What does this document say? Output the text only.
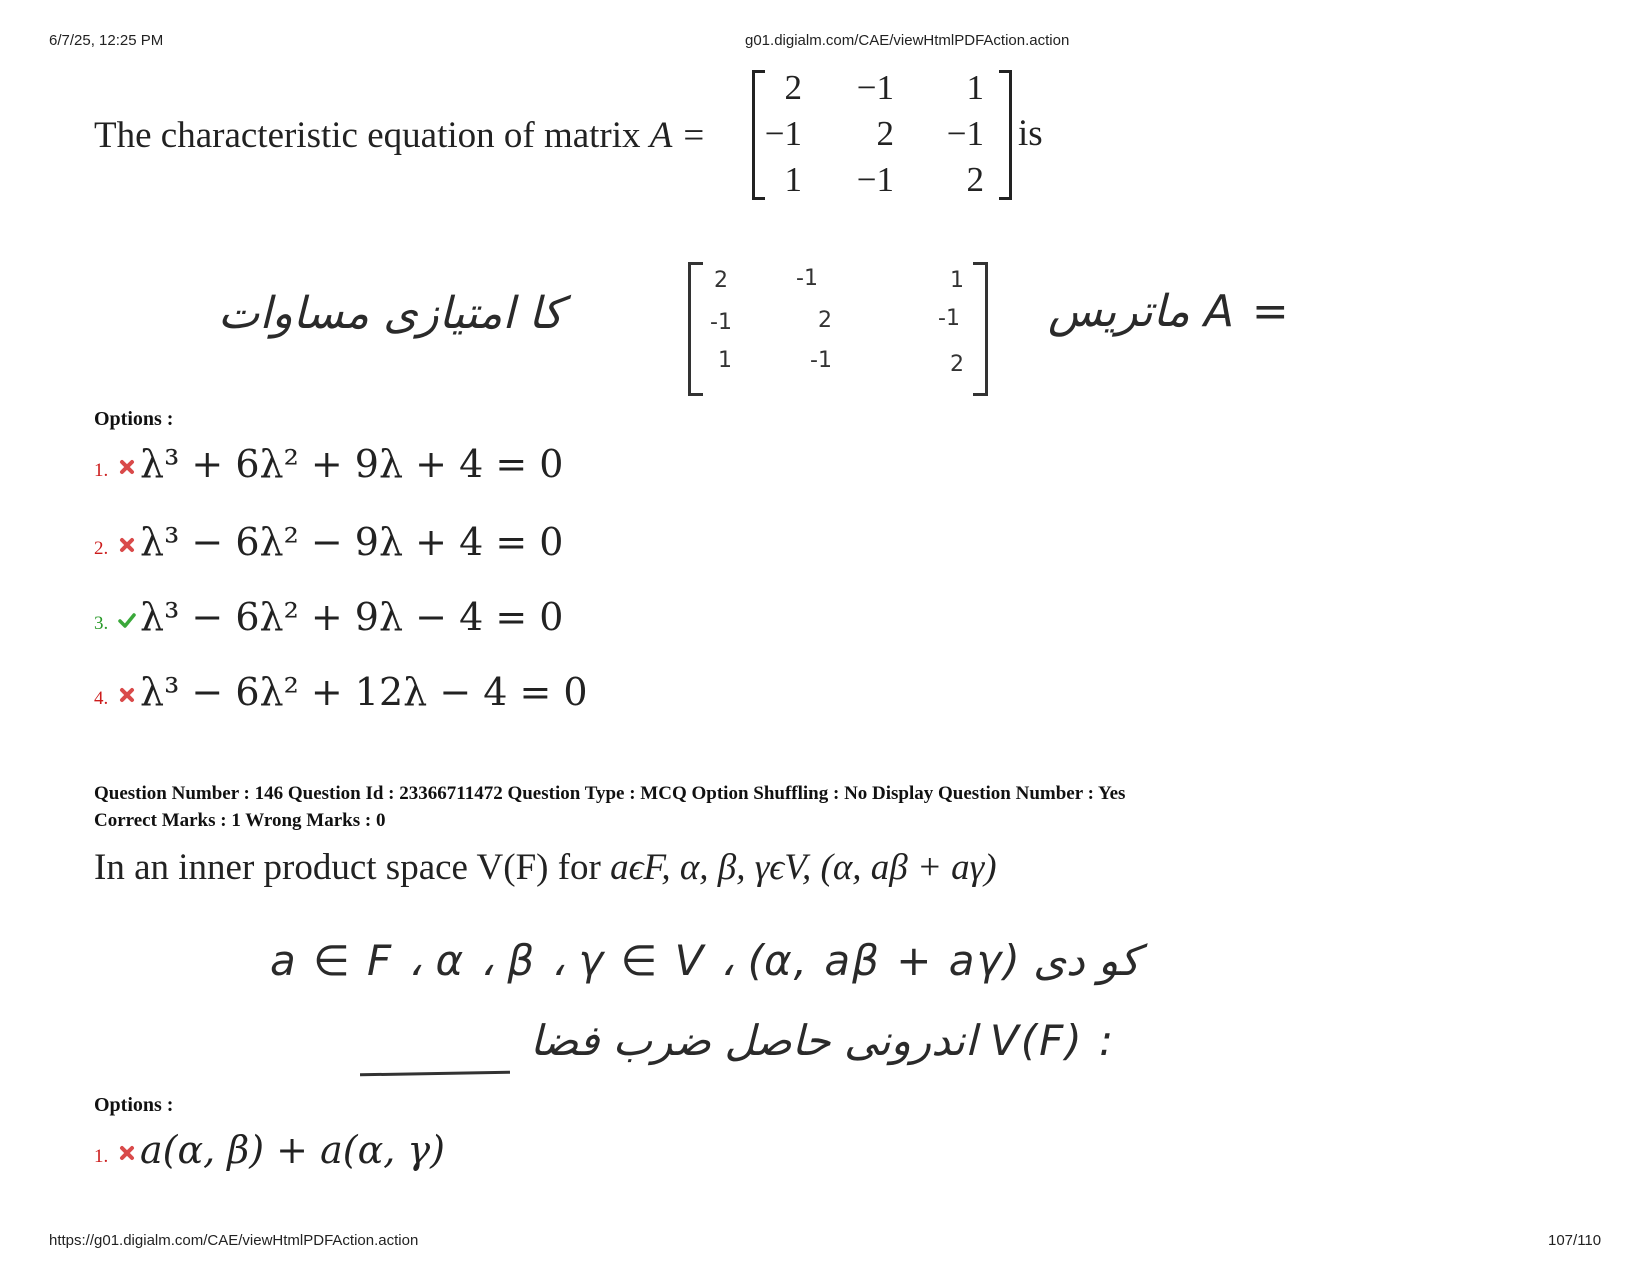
6/7/25, 12:25 PM	g01.digialm.com/CAE/viewHtmlPDFAction.action
https://g01.digialm.com/CAE/viewHtmlPDFAction.action	107/110
The characteristic equation of matrix A =
2	−1	1
−1	2	−1
1	−1	2
is
کا امتیازی مساوات
2	-1	1
-1	2	-1
1	-1	2
ماتریس A =
Options :
1. λ³ + 6λ² + 9λ + 4 = 0
2. λ³ − 6λ² − 9λ + 4 = 0
3. λ³ − 6λ² + 9λ − 4 = 0
4. λ³ − 6λ² + 12λ − 4 = 0
Question Number : 146 Question Id : 23366711472 Question Type : MCQ Option Shuffling : No Display Question Number : Yes
Correct Marks : 1 Wrong Marks : 0
In an inner product space V(F) for aϵF, α, β, γϵV, (α, aβ + aγ)
a ∈ F ، α ، β ، γ ∈ V ، (α, aβ + aγ) کو دی
اندرونی حاصل ضرب فضا V(F) :
Options :
1. a(α, β) + a(α, γ)
